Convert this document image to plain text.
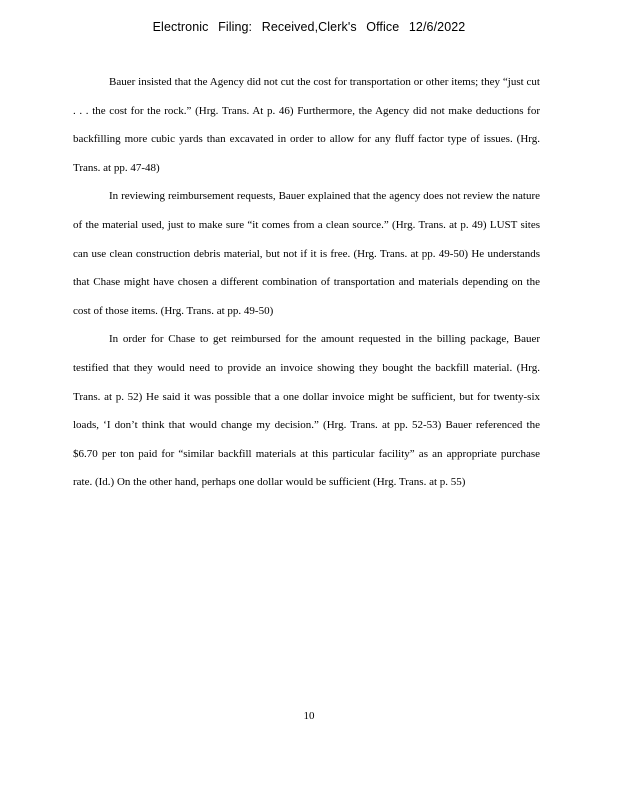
Electronic Filing: Received,Clerk's Office 12/6/2022

Bauer insisted that the Agency did not cut the cost for transportation or other items; they “just cut . . . the cost for the rock.” (Hrg. Trans. At p. 46) Furthermore, the Agency did not make deductions for backfilling more cubic yards than excavated in order to allow for any fluff factor type of issues. (Hrg. Trans. at pp. 47-48)

In reviewing reimbursement requests, Bauer explained that the agency does not review the nature of the material used, just to make sure “it comes from a clean source.” (Hrg. Trans. at p. 49) LUST sites can use clean construction debris material, but not if it is free. (Hrg. Trans. at pp. 49-50) He understands that Chase might have chosen a different combination of transportation and materials depending on the cost of those items. (Hrg. Trans. at pp. 49-50)

In order for Chase to get reimbursed for the amount requested in the billing package, Bauer testified that they would need to provide an invoice showing they bought the backfill material. (Hrg. Trans. at p. 52) He said it was possible that a one dollar invoice might be sufficient, but for twenty-six loads, ‘I don’t think that would change my decision.” (Hrg. Trans. at pp. 52-53) Bauer referenced the $6.70 per ton paid for “similar backfill materials at this particular facility” as an appropriate purchase rate. (Id.) On the other hand, perhaps one dollar would be sufficient (Hrg. Trans. at p. 55)

10
